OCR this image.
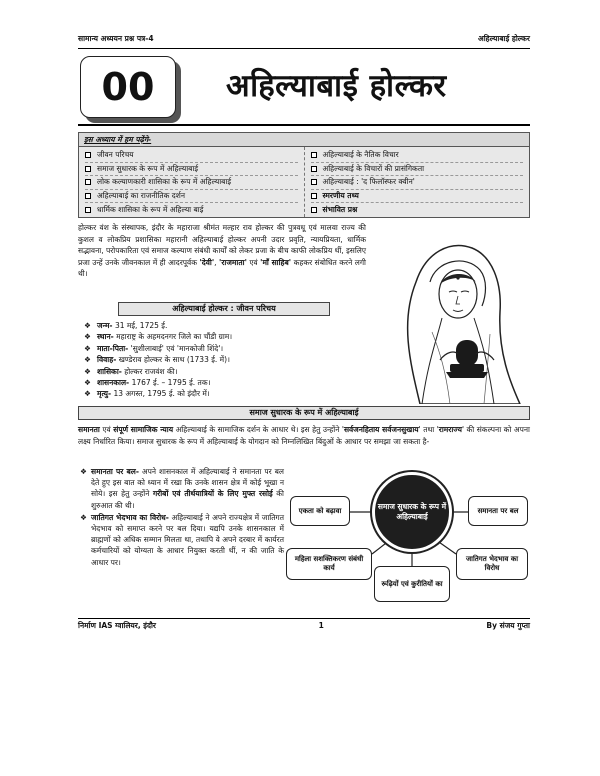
सामान्य अध्ययन प्रश्न पत्र-4	अहिल्याबाई होल्कर
00 अहिल्याबाई होल्कर
इस अध्याय में हम पढ़ेंगे-
जीवन परिचय
समाज सुधारक के रूप में अहिल्याबाई
लोक कल्याणकारी शासिका के रूप में अहिल्याबाई
अहिल्याबाई का राजनीतिक दर्शन
धार्मिक शासिका के रूप में अहिल्या बाई
अहिल्याबाई के नैतिक विचार
अहिल्याबाई के विचारों की प्रासंगिकता
अहिल्याबाई : 'द फिलॉस्फर क्वीन'
स्मरणीय तथ्य
संभावित प्रश्न
होल्कर वंश के संस्थापक, इंदौर के महाराजा श्रीमंत मल्हार राव होल्कर की पुत्रवधू एवं मालवा राज्य की कुशल व लोकप्रिय प्रशासिका महारानी अहिल्याबाई होल्कर अपनी उदार प्रवृति, न्यायप्रियता, धार्मिक सद्भावना, परोपकारिता एवं समाज कल्याण संबंधी कार्यों को लेकर प्रजा के बीच काफी लोकप्रिय थीं, इसलिए प्रजा उन्हें उनके जीवनकाल में ही आदरपूर्वक 'देवी', 'राजमाता' एवं 'माँ साहिब' कहकर संबोधित करने लगी थी।
अहिल्याबाई होल्कर : जीवन परिचय
❖ जन्म- 31 मई, 1725 ई.
❖ स्थान- महाराष्ट्र के अहमदनगर जिले का चौंडी ग्राम।
❖ माता-पिता- 'सुशीलाबाई' एवं 'मानकोजी शिंदे'।
❖ विवाह- खण्डेराव होल्कर के साथ (1733 ई. में)।
❖ शासिका- होल्कर राजवंश की।
❖ शासनकाल- 1767 ई. – 1795 ई. तक।
❖ मृत्यु- 13 अगस्त, 1795 ई. को इंदौर में।
समाज सुधारक के रूप में अहिल्याबाई
समानता एवं संपूर्ण सामाजिक न्याय अहिल्याबाई के सामाजिक दर्शन के आधार थे। इस हेतु उन्होंने 'सर्वजनहिताय सर्वजनसुखाय' तथा 'रामराज्य' की संकल्पना को अपना लक्ष्य निर्धारित किया। समाज सुधारक के रूप में अहिल्याबाई के योगदान को निम्नलिखित बिंदुओं के आधार पर समझा जा सकता है-
❖ समानता पर बल- अपने शासनकाल में अहिल्याबाई ने समानता पर बल देते हुए इस बात को ध्यान में रखा कि उनके शासन क्षेत्र में कोई भूखा न सोये। इस हेतु उन्होंने गरीबों एवं तीर्थयात्रियों के लिए मुफ्त रसोई की शुरुआत की थी।
❖ जातिगत भेदभाव का विरोध- अहिल्याबाई ने अपने राज्यक्षेत्र में जातिगत भेदभाव को समाप्त करने पर बल दिया। यद्यपि उनके शासनकाल में ब्राह्मणों को अधिक सम्मान मिलता था, तथापि वे अपने दरबार में कार्यरत कर्मचारियों को योग्यता के आधार नियुक्त करती थीं, न की जाति के आधार पर।
समाज सुधारक के रूप में अहिल्याबाई
एकता को बढ़ावा	समानता पर बल
महिला सशक्तिकरण संबंधी कार्य
जातिगत भेदभाव का विरोध
रूढ़ियों एवं कुरीतियों का
निर्माण IAS ग्वालियर, इंदौर	1	By संजय गुप्ता
